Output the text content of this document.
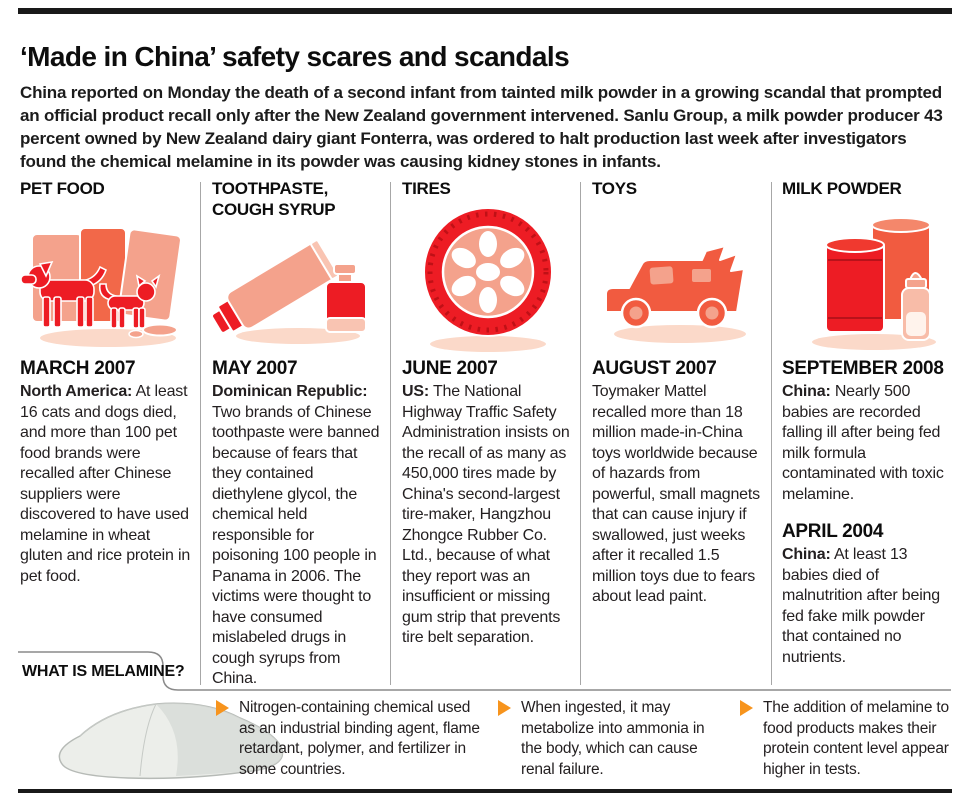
‘Made in China’ safety scares and scandals

China reported on Monday the death of a second infant from tainted milk powder in a growing scandal that prompted an official product recall only after the New Zealand government intervened. Sanlu Group, a milk powder producer 43 percent owned by New Zealand dairy giant Fonterra, was ordered to halt production last week after investigators found the chemical melamine in its powder was causing kidney stones in infants.

PET FOOD
MARCH 2007

North America: At least 16 cats and dogs died, and more than 100 pet food brands were recalled after Chinese suppliers were discovered to have used melamine in wheat gluten and rice protein in pet food.

TOOTHPASTE, COUGH SYRUP
MAY 2007

Dominican Republic: Two brands of Chinese toothpaste were banned because of fears that they contained diethylene glycol, the chemical held responsible for poisoning 100 people in Panama in 2006. The victims were thought to have consumed mislabeled drugs in cough syrups from China.

TIRES
JUNE 2007

US: The National Highway Traffic Safety Administration insists on the recall of as many as 450,000 tires made by China's second-largest tire-maker, Hangzhou Zhongce Rubber Co. Ltd., because of what they report was an insufficient or missing gum strip that prevents tire belt separation.

TOYS
AUGUST 2007

Toymaker Mattel recalled more than 18 million made-in-China toys worldwide because of hazards from powerful, small magnets that can cause injury if swallowed, just weeks after it recalled 1.5 million toys due to fears about lead paint.

MILK POWDER
SEPTEMBER 2008

China: Nearly 500 babies are recorded falling ill after being fed milk formula contaminated with toxic melamine.

APRIL 2004

China: At least 13 babies died of malnutrition after being fed fake milk powder that contained no nutrients.

WHAT IS MELAMINE?
Nitrogen-containing chemical used as an industrial binding agent, flame retardant, polymer, and fertilizer in some countries.
When ingested, it may metabolize into ammonia in the body, which can cause renal failure.
The addition of melamine to food products makes their protein content level appear higher in tests.
